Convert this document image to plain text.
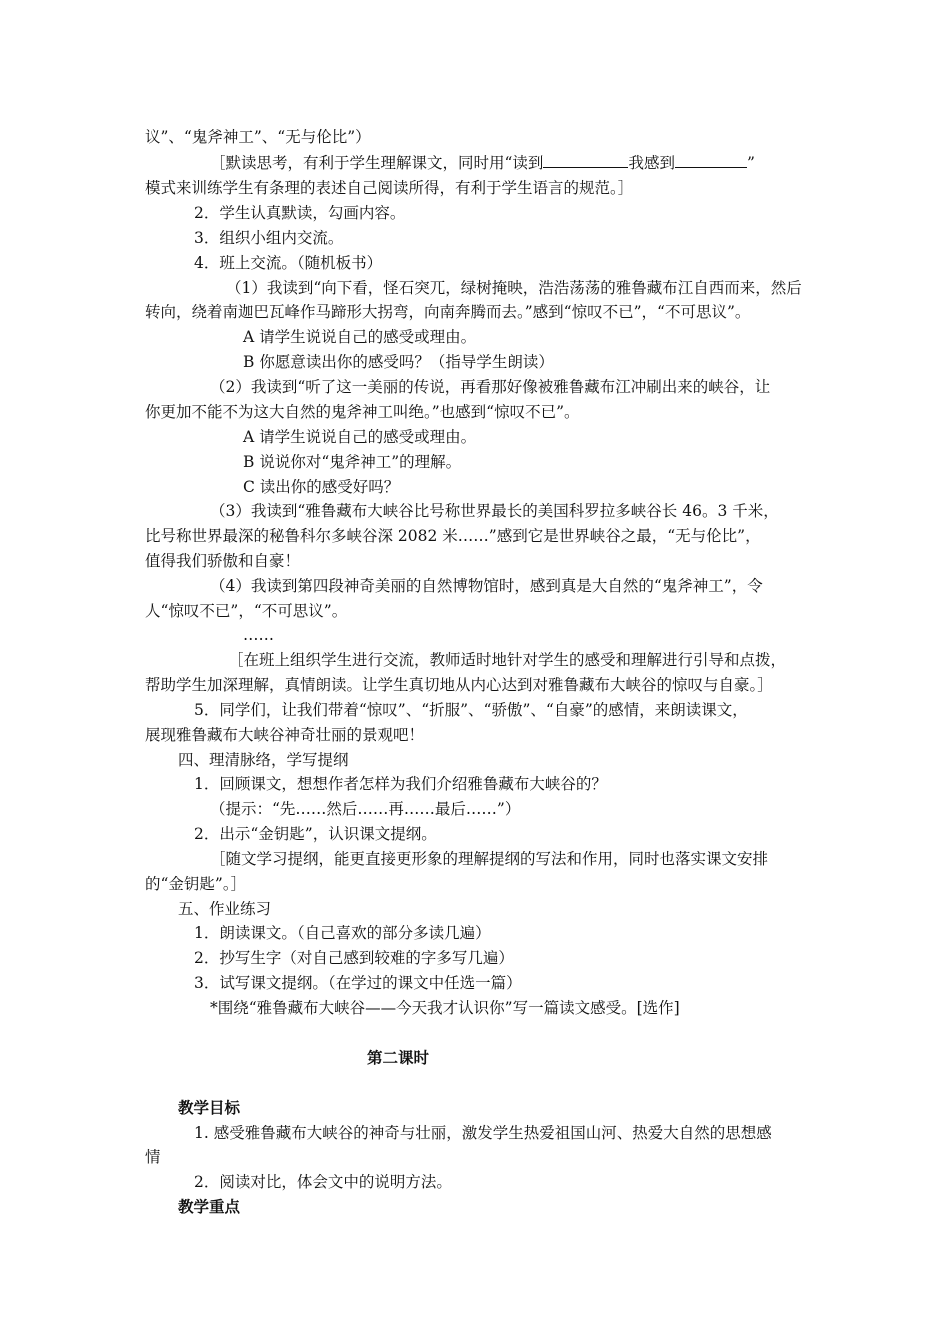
议”、“鬼斧神工”、“无与伦比”）
［默读思考，有利于学生理解课文，同时用“读到	我感到	”
模式来训练学生有条理的表述自己阅读所得，有利于学生语言的规范。］
2．学生认真默读，勾画内容。
3．组织小组内交流。
4．班上交流。（随机板书）
（1）我读到“向下看，怪石突兀，绿树掩映，浩浩荡荡的雅鲁藏布江自西而来，然后
转向，绕着南迦巴瓦峰作马蹄形大拐弯，向南奔腾而去。”感到“惊叹不已”，“不可思议”。
A 请学生说说自己的感受或理由。
B 你愿意读出你的感受吗？（指导学生朗读）
（2）我读到“听了这一美丽的传说，再看那好像被雅鲁藏布江冲刷出来的峡谷，让
你更加不能不为这大自然的鬼斧神工叫绝。”也感到“惊叹不已”。
A 请学生说说自己的感受或理由。
B 说说你对“鬼斧神工”的理解。
C 读出你的感受好吗？
（3）我读到“雅鲁藏布大峡谷比号称世界最长的美国科罗拉多峡谷长 46。3 千米，
比号称世界最深的秘鲁科尔多峡谷深 2082 米……”感到它是世界峡谷之最，“无与伦比”，
值得我们骄傲和自豪！
（4）我读到第四段神奇美丽的自然博物馆时，感到真是大自然的“鬼斧神工”，令
人“惊叹不已”，“不可思议”。
……
［在班上组织学生进行交流，教师适时地针对学生的感受和理解进行引导和点拨，
帮助学生加深理解，真情朗读。让学生真切地从内心达到对雅鲁藏布大峡谷的惊叹与自豪。］
5．同学们，让我们带着“惊叹”、“折服”、“骄傲”、“自豪”的感情，来朗读课文，
展现雅鲁藏布大峡谷神奇壮丽的景观吧！
四、理清脉络，学写提纲
1．回顾课文，想想作者怎样为我们介绍雅鲁藏布大峡谷的？
（提示：“先……然后……再……最后……”）
2．出示“金钥匙”，认识课文提纲。
［随文学习提纲，能更直接更形象的理解提纲的写法和作用，同时也落实课文安排
的“金钥匙”。］
五、作业练习
1．朗读课文。（自己喜欢的部分多读几遍）
2．抄写生字（对自己感到较难的字多写几遍）
3．试写课文提纲。（在学过的课文中任选一篇）
*围绕“雅鲁藏布大峡谷——今天我才认识你”写一篇读文感受。[选作]
第二课时
教学目标
1. 感受雅鲁藏布大峡谷的神奇与壮丽，激发学生热爱祖国山河、热爱大自然的思想感
情
2．阅读对比，体会文中的说明方法。
教学重点
